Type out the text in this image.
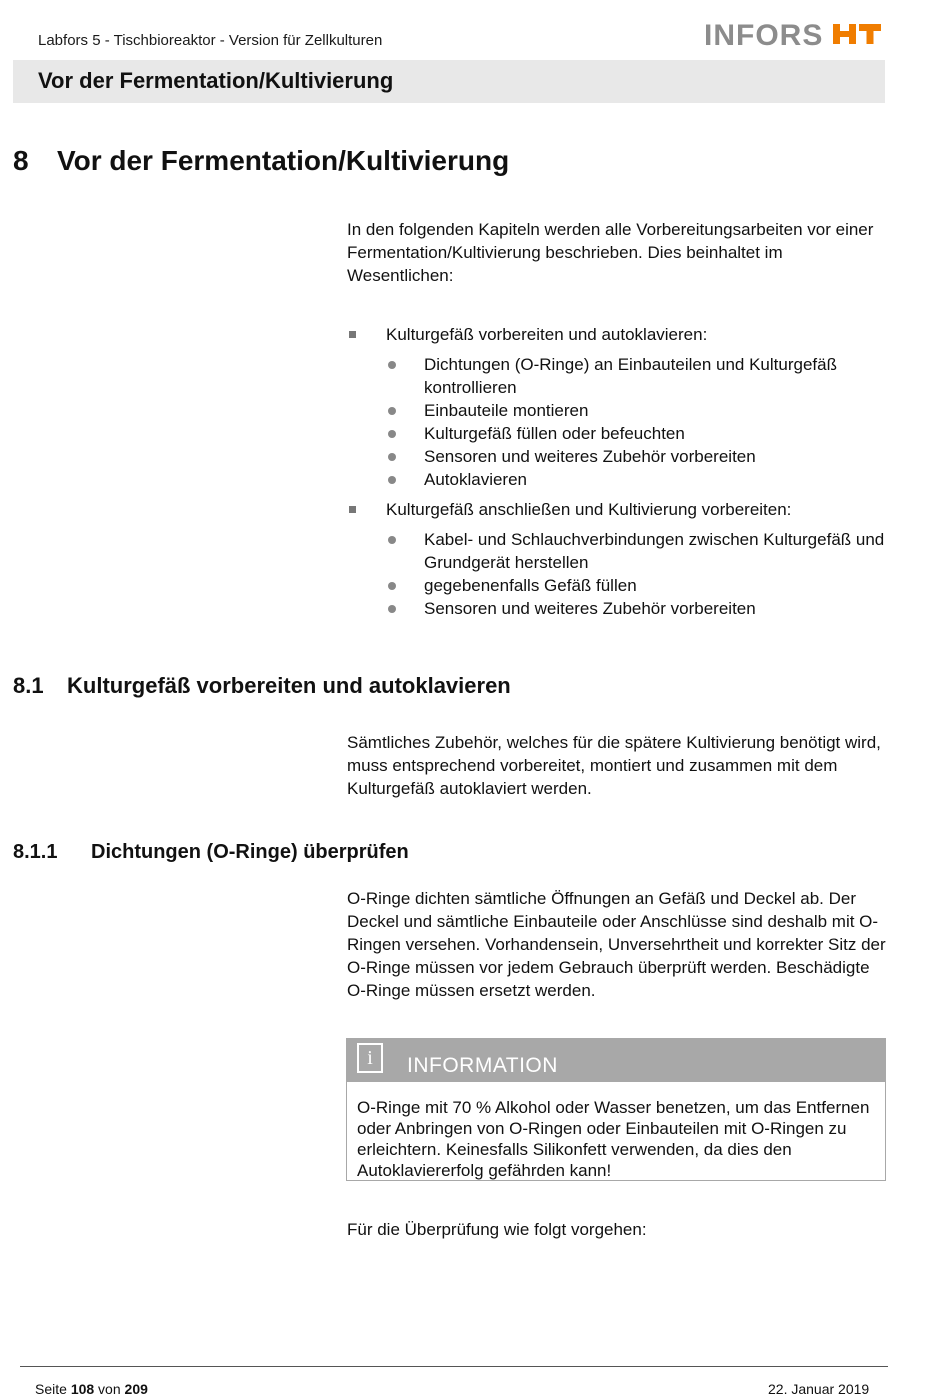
Labfors 5 - Tischbioreaktor - Version für Zellkulturen	INFORS
Vor der Fermentation/Kultivierung
8 Vor der Fermentation/Kultivierung
In den folgenden Kapiteln werden alle Vorbereitungsarbeiten vor einer Fermentation/Kultivierung beschrieben. Dies beinhaltet im Wesentlichen:
Kulturgefäß vorbereiten und autoklavieren:
Dichtungen (O-Ringe) an Einbauteilen und Kulturgefäß kontrollieren
Einbauteile montieren
Kulturgefäß füllen oder befeuchten
Sensoren und weiteres Zubehör vorbereiten
Autoklavieren
Kulturgefäß anschließen und Kultivierung vorbereiten:
Kabel- und Schlauchverbindungen zwischen Kulturgefäß und Grundgerät herstellen
gegebenenfalls Gefäß füllen
Sensoren und weiteres Zubehör vorbereiten
8.1 Kulturgefäß vorbereiten und autoklavieren
Sämtliches Zubehör, welches für die spätere Kultivierung benötigt wird, muss entsprechend vorbereitet, montiert und zusammen mit dem Kulturgefäß autoklaviert werden.
8.1.1 Dichtungen (O-Ringe) überprüfen
O-Ringe dichten sämtliche Öffnungen an Gefäß und Deckel ab. Der Deckel und sämtliche Einbauteile oder Anschlüsse sind deshalb mit O-Ringen versehen. Vorhandensein, Unversehrtheit und korrekter Sitz der O-Ringe müssen vor jedem Gebrauch überprüft werden. Beschädigte O-Ringe müssen ersetzt werden.
i	INFORMATION
O-Ringe mit 70 % Alkohol oder Wasser benetzen, um das Entfernen oder Anbringen von O-Ringen oder Einbauteilen mit O-Ringen zu erleichtern. Keinesfalls Silikonfett verwenden, da dies den Autoklaviererfolg gefährden kann!
Für die Überprüfung wie folgt vorgehen:
Seite 108 von 209	22. Januar 2019
